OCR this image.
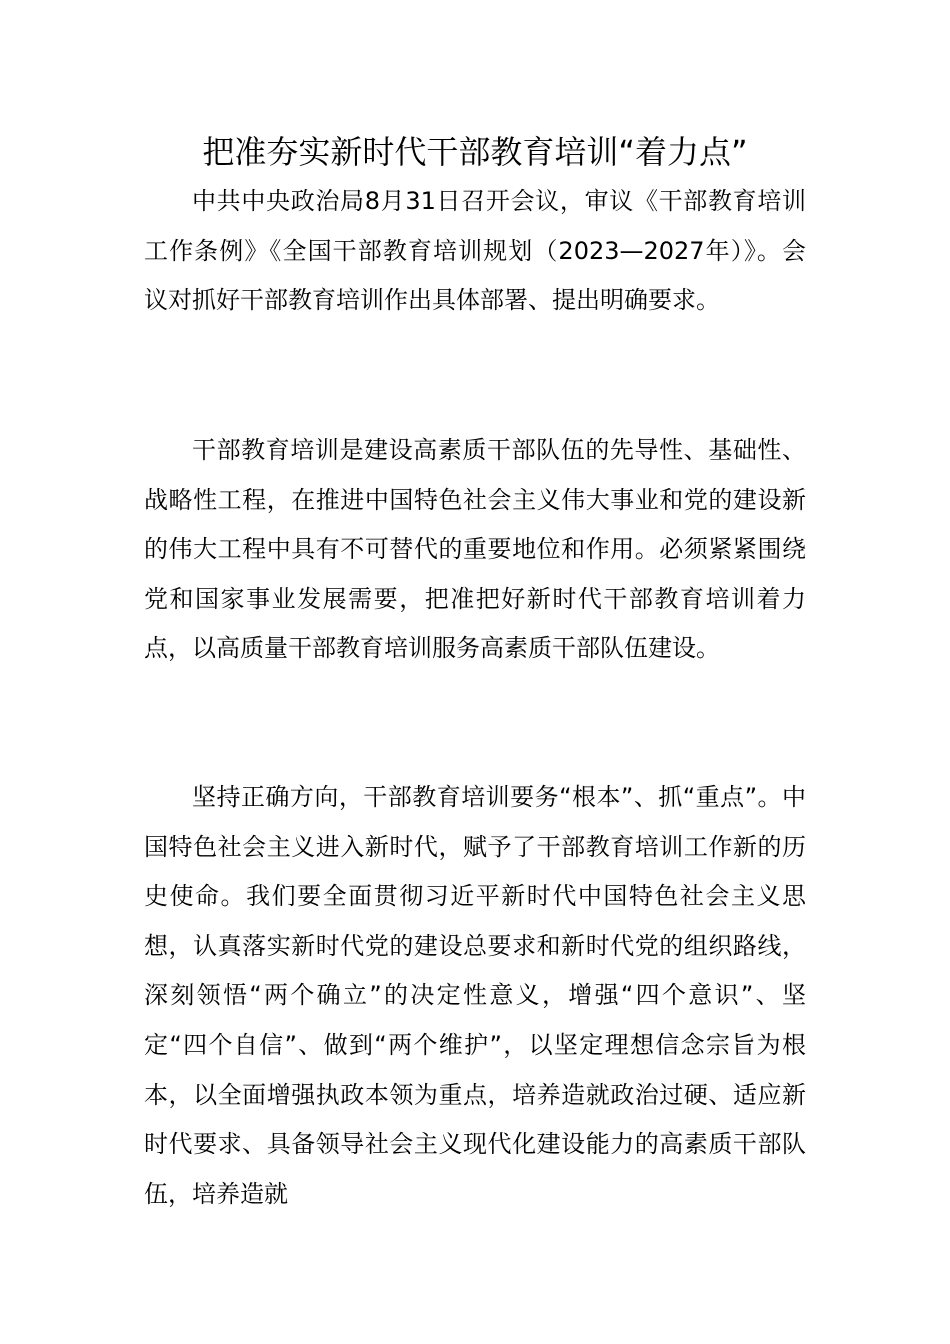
把准夯实新时代干部教育培训“着力点”

中共中央政治局8月31日召开会议，审议《干部教育培训工作条例》《全国干部教育培训规划（2023—2027年）》。会议对抓好干部教育培训作出具体部署、提出明确要求。

干部教育培训是建设高素质干部队伍的先导性、基础性、战略性工程，在推进中国特色社会主义伟大事业和党的建设新的伟大工程中具有不可替代的重要地位和作用。必须紧紧围绕党和国家事业发展需要，把准把好新时代干部教育培训着力点，以高质量干部教育培训服务高素质干部队伍建设。

坚持正确方向，干部教育培训要务“根本”、抓“重点”。中国特色社会主义进入新时代，赋予了干部教育培训工作新的历史使命。我们要全面贯彻习近平新时代中国特色社会主义思想，认真落实新时代党的建设总要求和新时代党的组织路线，深刻领悟“两个确立”的决定性意义，增强“四个意识”、坚定“四个自信”、做到“两个维护”，以坚定理想信念宗旨为根本，以全面增强执政本领为重点，培养造就政治过硬、适应新时代要求、具备领导社会主义现代化建设能力的高素质干部队伍，培养造就
